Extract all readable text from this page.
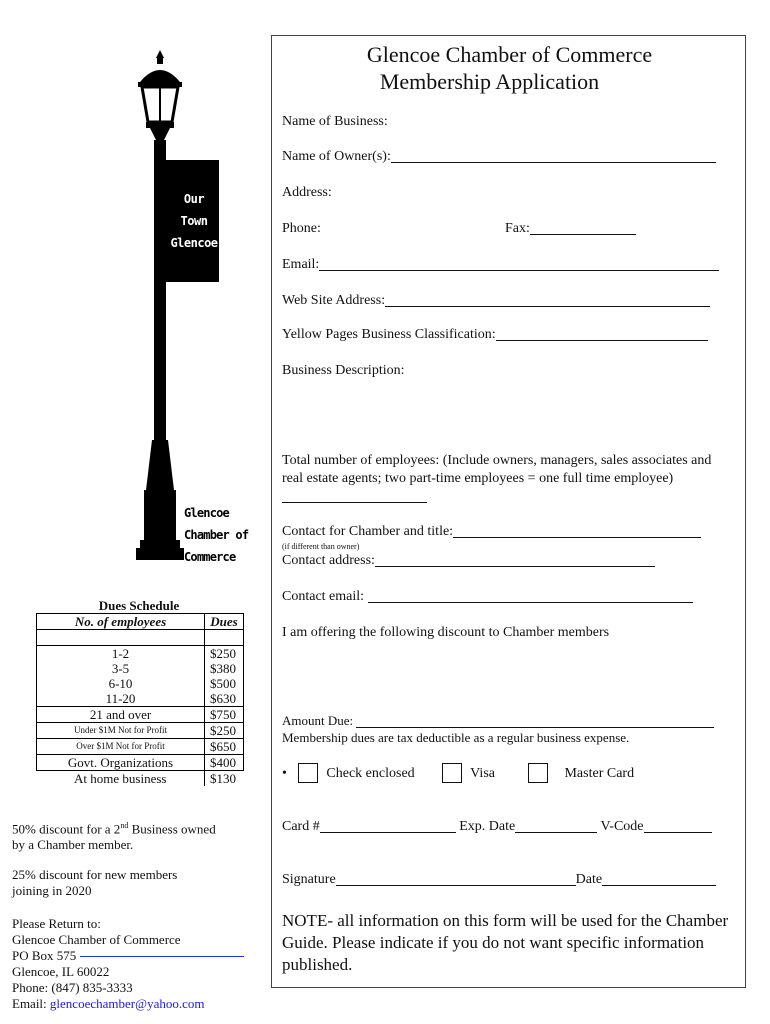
Our
Town
Glencoe
Glencoe
Chamber of
Commerce
Dues Schedule
No. of employees	Dues

1-2	$250
3-5	$380
6-10	$500
11-20	$630
21 and over	$750
Under $1M Not for Profit	$250
Over $1M Not for Profit	$650
Govt. Organizations	$400
At home business	$130
50% discount for a 2nd Business owned
by a Chamber member.
25% discount for new members
joining in 2020
Please Return to:
Glencoe Chamber of Commerce
PO Box 575
Glencoe, IL 60022
Phone: (847) 835-3333
Email: glencoechamber@yahoo.com
Glencoe Chamber of Commerce
Membership Application
Name of Business:
Name of Owner(s):
Address:
Phone:	Fax:
Email:
Web Site Address:
Yellow Pages Business Classification:
Business Description:
Total number of employees: (Include owners, managers, sales associates and real estate agents; two part-time employees = one full time employee)
Contact for Chamber and title:
(if different than owner)
Contact address:
Contact email:
I am offering the following discount to Chamber members
Amount Due:
Membership dues are tax deductible as a regular business expense.
•	Check enclosed	Visa	Master Card
Card #	Exp. Date	V-Code
Signature	Date
NOTE- all information on this form will be used for the Chamber Guide. Please indicate if you do not want specific information published.
